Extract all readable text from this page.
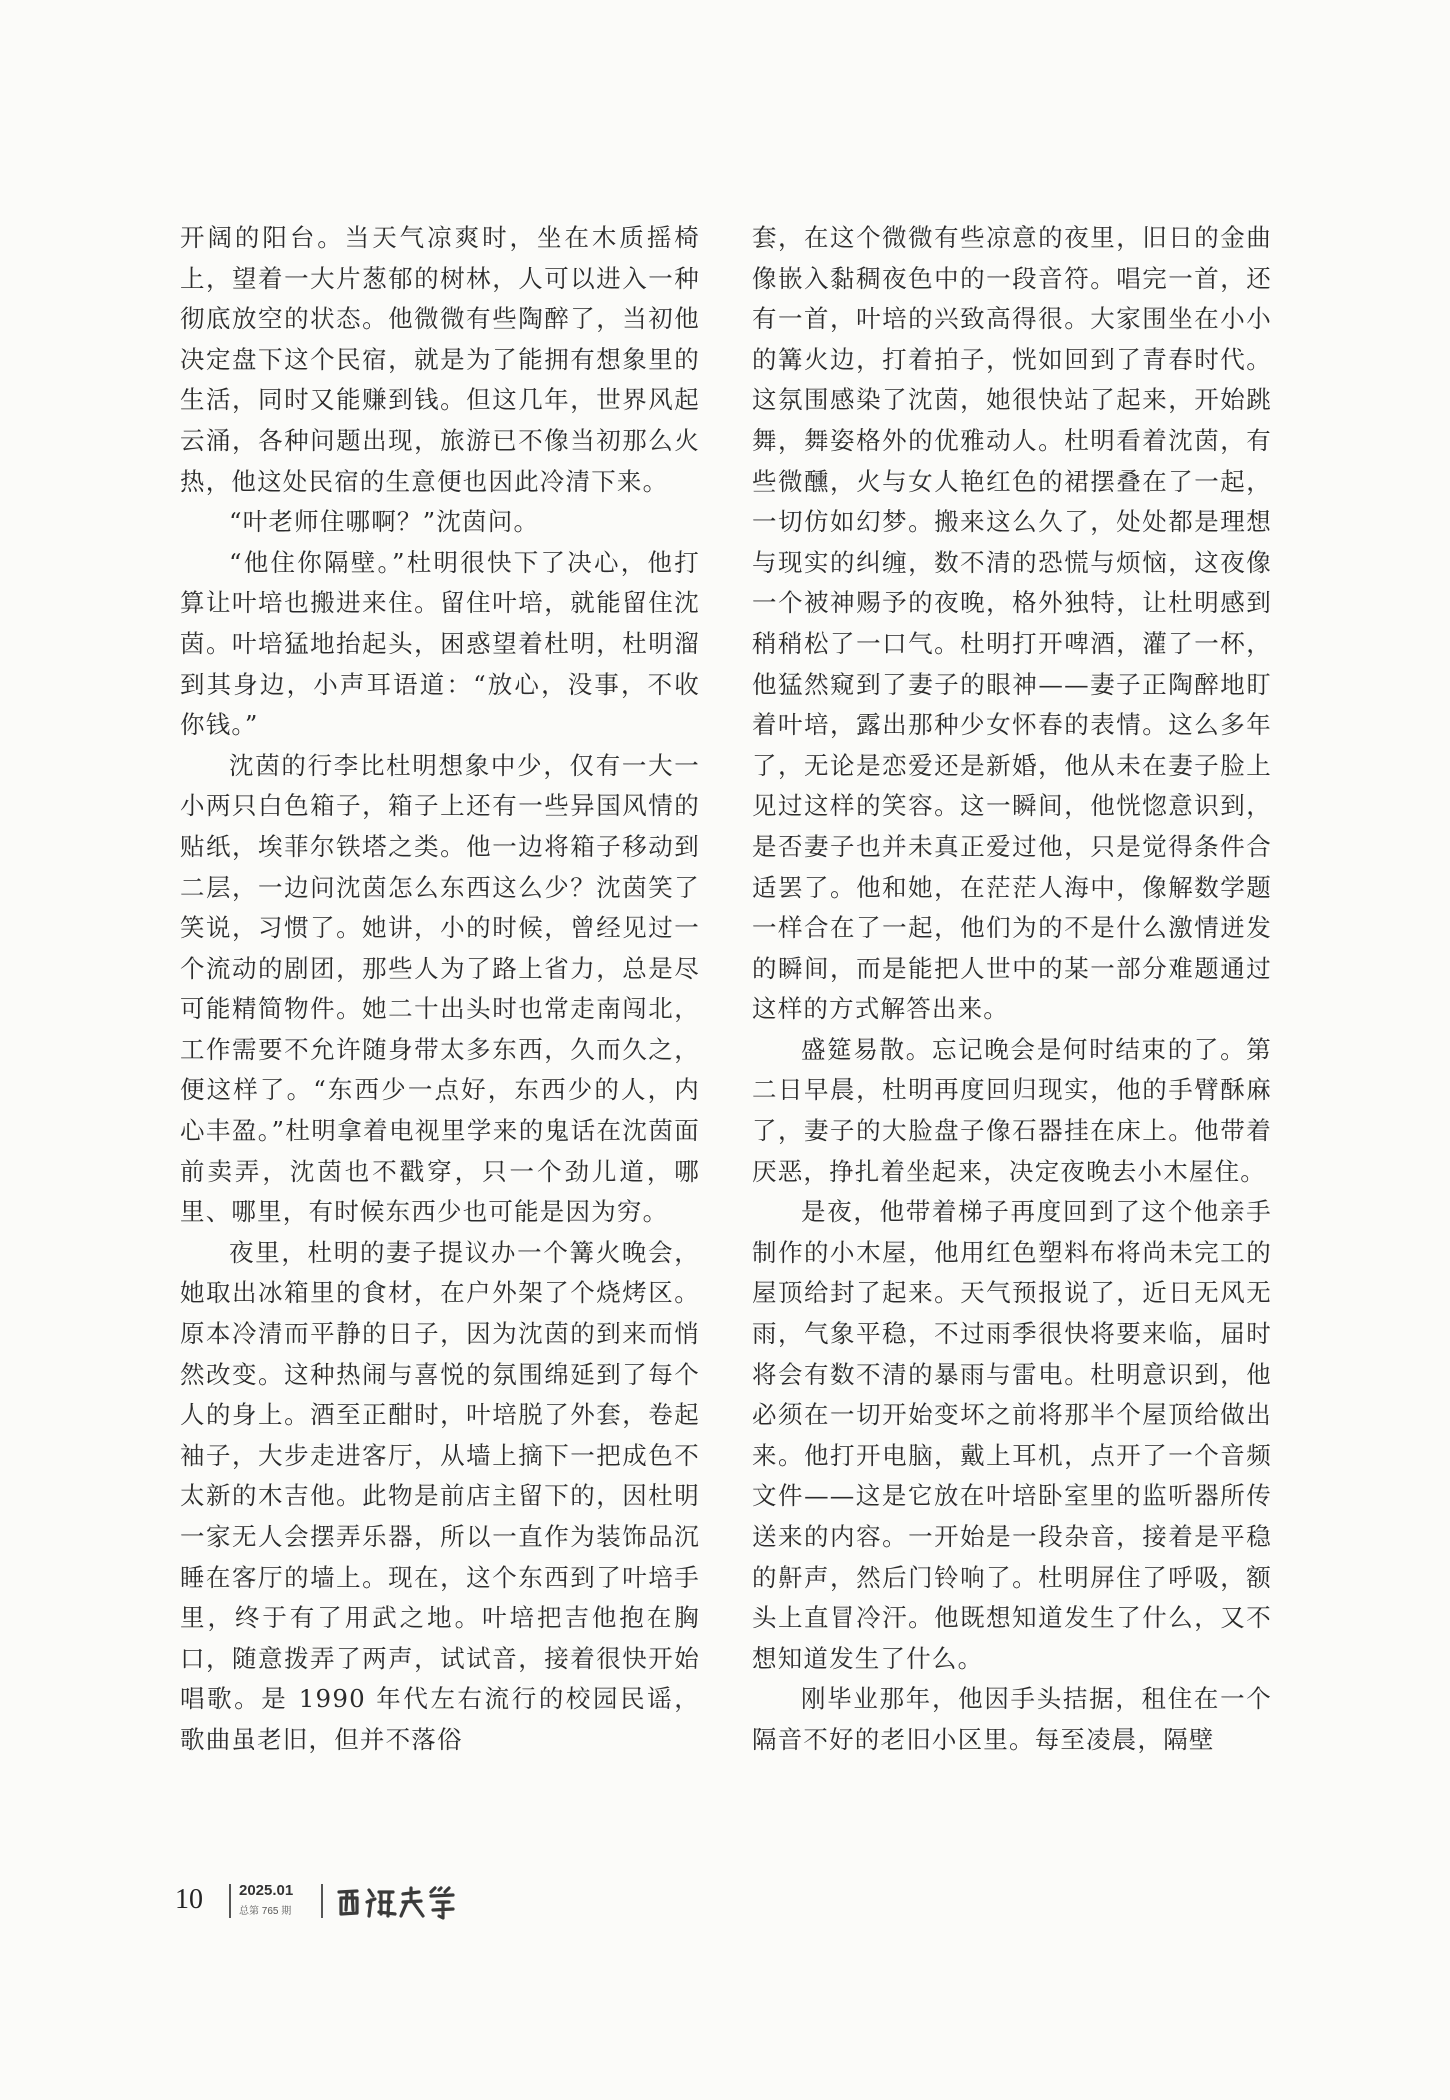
开阔的阳台。当天气凉爽时，坐在木质摇椅上，望着一大片葱郁的树林，人可以进入一种彻底放空的状态。他微微有些陶醉了，当初他决定盘下这个民宿，就是为了能拥有想象里的生活，同时又能赚到钱。但这几年，世界风起云涌，各种问题出现，旅游已不像当初那么火热，他这处民宿的生意便也因此冷清下来。

“叶老师住哪啊？”沈茵问。

“他住你隔壁。”杜明很快下了决心，他打算让叶培也搬进来住。留住叶培，就能留住沈茵。叶培猛地抬起头，困惑望着杜明，杜明溜到其身边，小声耳语道：“放心，没事，不收你钱。”

沈茵的行李比杜明想象中少，仅有一大一小两只白色箱子，箱子上还有一些异国风情的贴纸，埃菲尔铁塔之类。他一边将箱子移动到二层，一边问沈茵怎么东西这么少？沈茵笑了笑说，习惯了。她讲，小的时候，曾经见过一个流动的剧团，那些人为了路上省力，总是尽可能精简物件。她二十出头时也常走南闯北，工作需要不允许随身带太多东西，久而久之，便这样了。“东西少一点好，东西少的人，内心丰盈。”杜明拿着电视里学来的鬼话在沈茵面前卖弄，沈茵也不戳穿，只一个劲儿道，哪里、哪里，有时候东西少也可能是因为穷。

夜里，杜明的妻子提议办一个篝火晚会，她取出冰箱里的食材，在户外架了个烧烤区。原本冷清而平静的日子，因为沈茵的到来而悄然改变。这种热闹与喜悦的氛围绵延到了每个人的身上。酒至正酣时，叶培脱了外套，卷起袖子，大步走进客厅，从墙上摘下一把成色不太新的木吉他。此物是前店主留下的，因杜明一家无人会摆弄乐器，所以一直作为装饰品沉睡在客厅的墙上。现在，这个东西到了叶培手里，终于有了用武之地。叶培把吉他抱在胸口，随意拨弄了两声，试试音，接着很快开始唱歌。是 1990 年代左右流行的校园民谣，歌曲虽老旧，但并不落俗

套，在这个微微有些凉意的夜里，旧日的金曲像嵌入黏稠夜色中的一段音符。唱完一首，还有一首，叶培的兴致高得很。大家围坐在小小的篝火边，打着拍子，恍如回到了青春时代。这氛围感染了沈茵，她很快站了起来，开始跳舞，舞姿格外的优雅动人。杜明看着沈茵，有些微醺，火与女人艳红色的裙摆叠在了一起，一切仿如幻梦。搬来这么久了，处处都是理想与现实的纠缠，数不清的恐慌与烦恼，这夜像一个被神赐予的夜晚，格外独特，让杜明感到稍稍松了一口气。杜明打开啤酒，灌了一杯，他猛然窥到了妻子的眼神——妻子正陶醉地盯着叶培，露出那种少女怀春的表情。这么多年了，无论是恋爱还是新婚，他从未在妻子脸上见过这样的笑容。这一瞬间，他恍惚意识到，是否妻子也并未真正爱过他，只是觉得条件合适罢了。他和她，在茫茫人海中，像解数学题一样合在了一起，他们为的不是什么激情迸发的瞬间，而是能把人世中的某一部分难题通过这样的方式解答出来。

盛筵易散。忘记晚会是何时结束的了。第二日早晨，杜明再度回归现实，他的手臂酥麻了，妻子的大脸盘子像石器挂在床上。他带着厌恶，挣扎着坐起来，决定夜晚去小木屋住。

是夜，他带着梯子再度回到了这个他亲手制作的小木屋，他用红色塑料布将尚未完工的屋顶给封了起来。天气预报说了，近日无风无雨，气象平稳，不过雨季很快将要来临，届时将会有数不清的暴雨与雷电。杜明意识到，他必须在一切开始变坏之前将那半个屋顶给做出来。他打开电脑，戴上耳机，点开了一个音频文件——这是它放在叶培卧室里的监听器所传送来的内容。一开始是一段杂音，接着是平稳的鼾声，然后门铃响了。杜明屏住了呼吸，额头上直冒冷汗。他既想知道发生了什么，又不想知道发生了什么。

刚毕业那年，他因手头拮据，租住在一个隔音不好的老旧小区里。每至凌晨，隔壁

10 2025.01
总第 765 期
